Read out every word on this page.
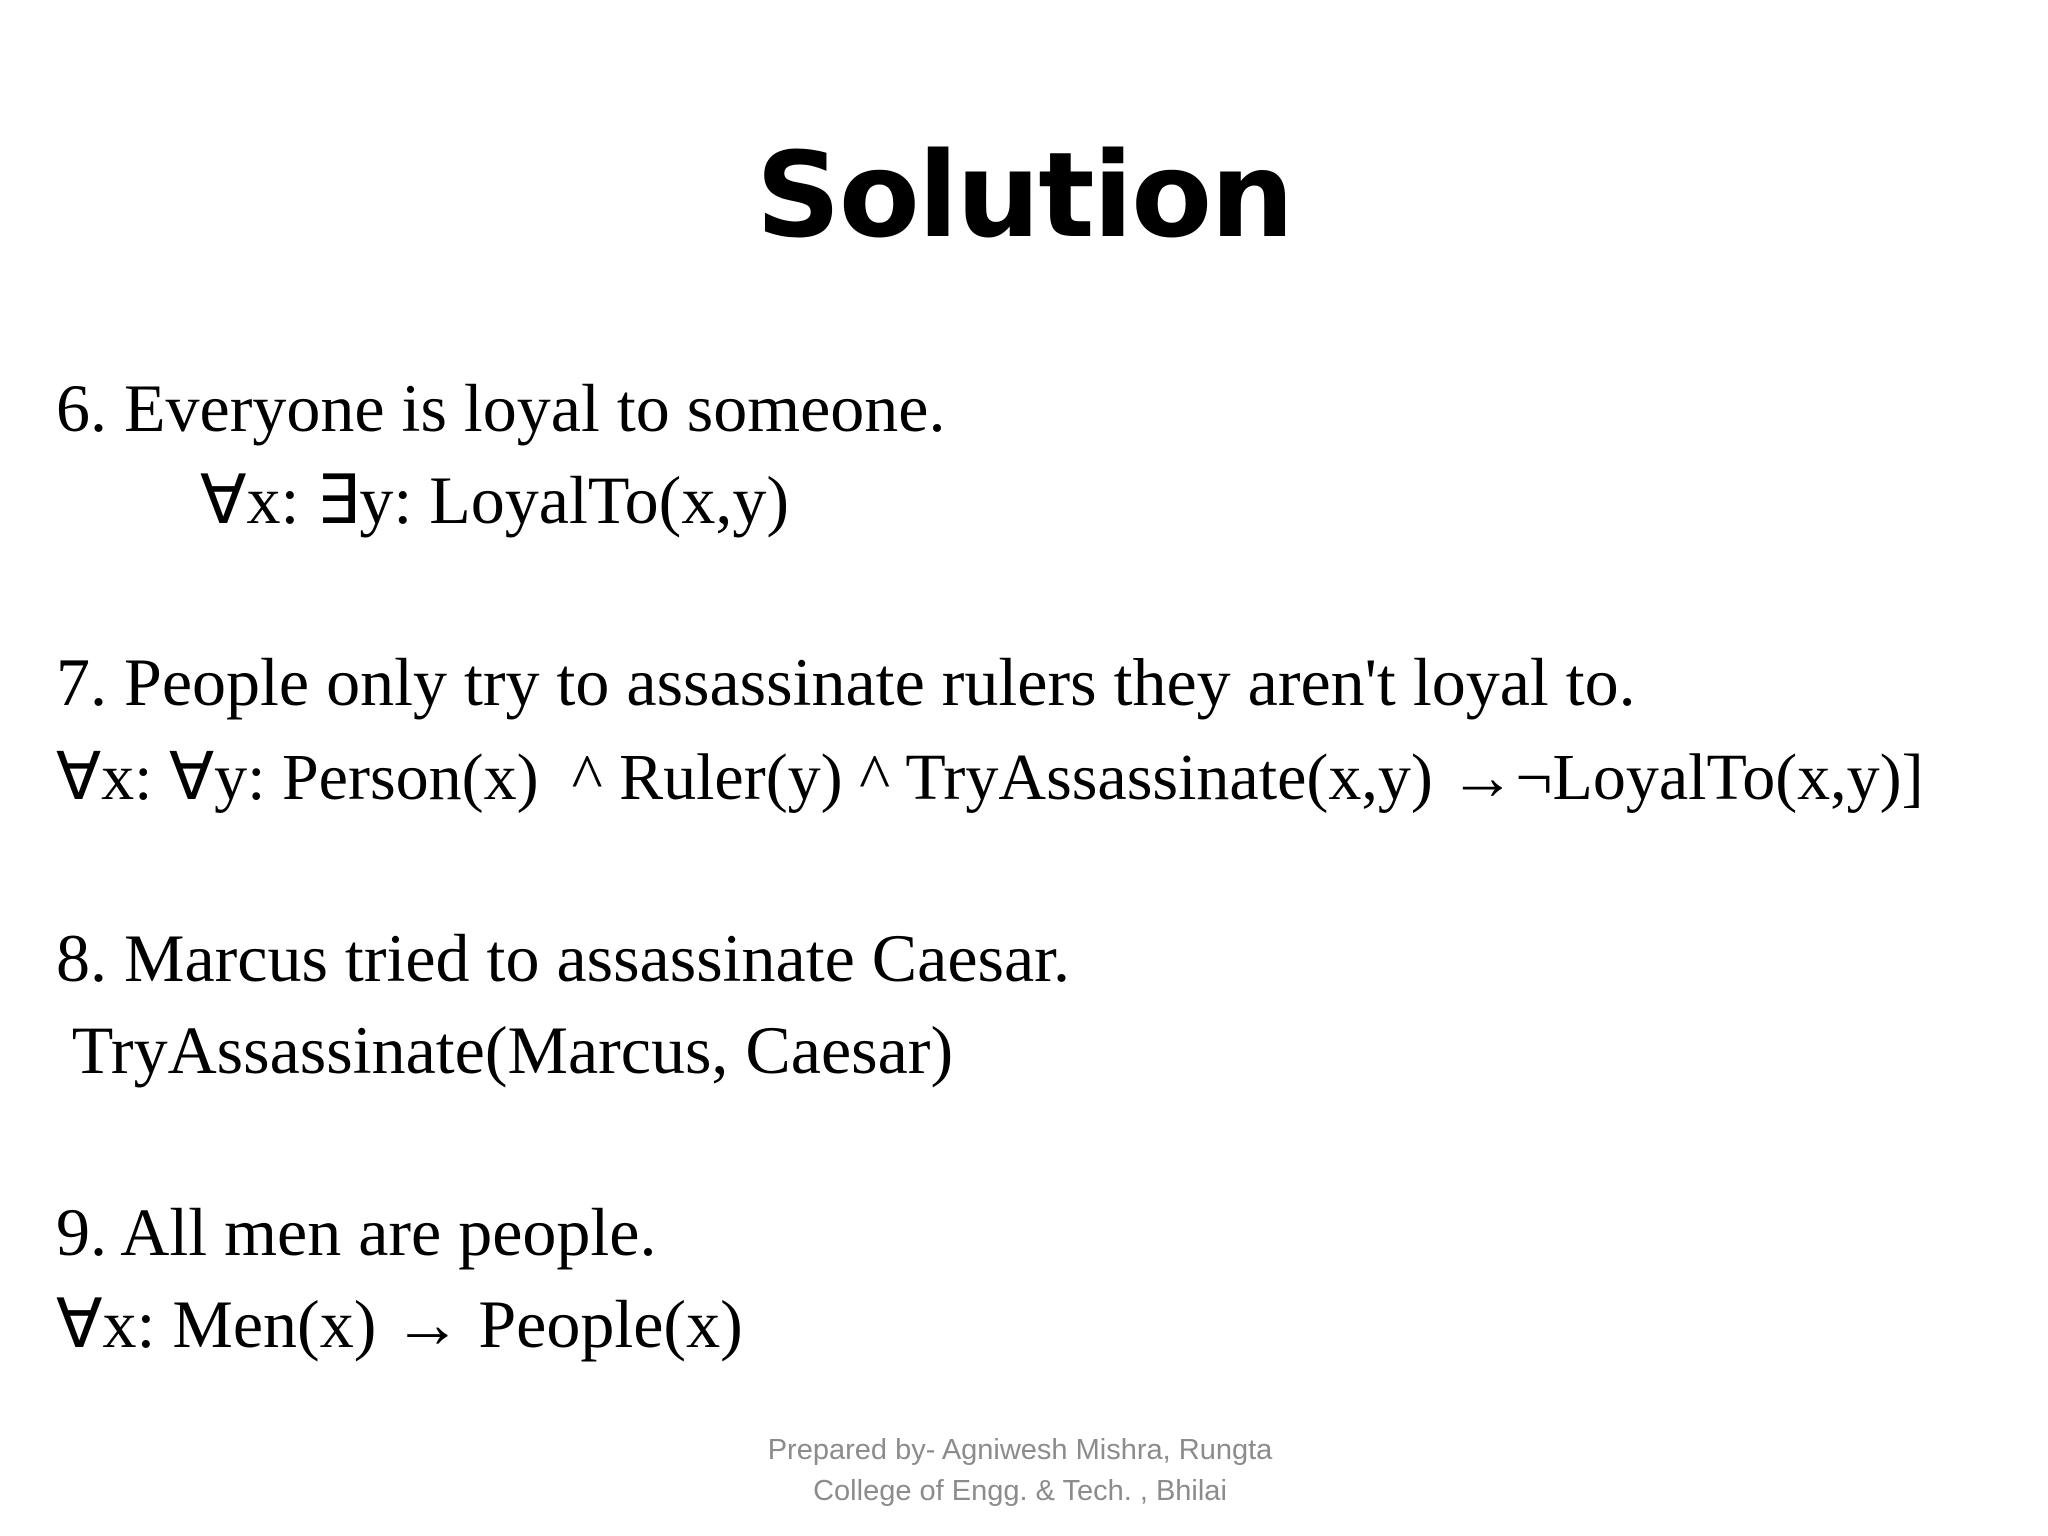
Solution
6. Everyone is loyal to someone.
∀x: ∃y: LoyalTo(x,y)
7. People only try to assassinate rulers they aren't loyal to.
∀x: ∀y: Person(x)  ^ Ruler(y) ^ TryAssassinate(x,y) →¬LoyalTo(x,y)]
8. Marcus tried to assassinate Caesar.
TryAssassinate(Marcus, Caesar)
9. All men are people.
∀x: Men(x) → People(x)
Prepared by- Agniwesh Mishra, Rungta
College of Engg. & Tech. , Bhilai
